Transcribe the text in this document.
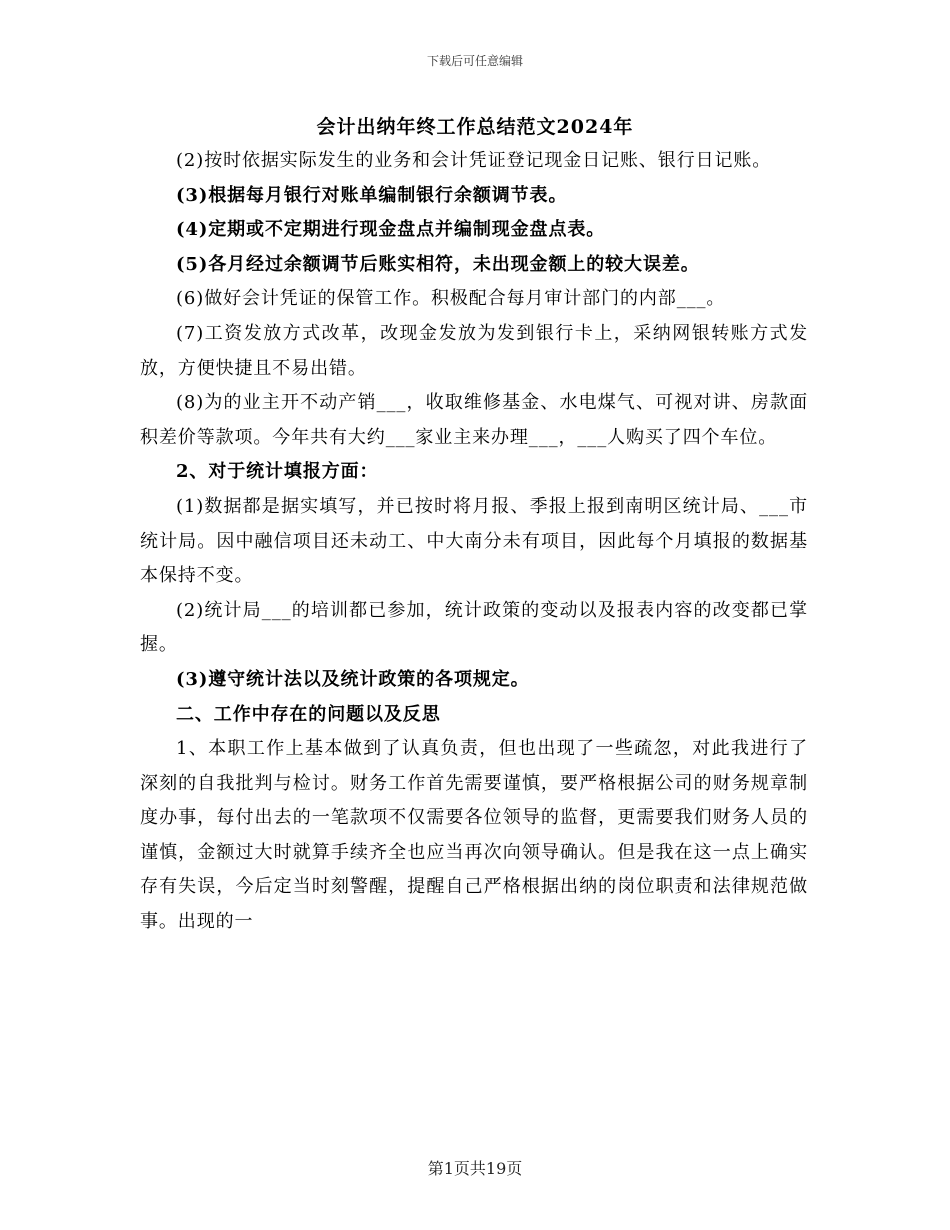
下载后可任意编辑
会计出纳年终工作总结范文2024年

(2)按时依据实际发生的业务和会计凭证登记现金日记账、银行日记账。

(3)根据每月银行对账单编制银行余额调节表。

(4)定期或不定期进行现金盘点并编制现金盘点表。

(5)各月经过余额调节后账实相符，未出现金额上的较大误差。

(6)做好会计凭证的保管工作。积极配合每月审计部门的内部___。

(7)工资发放方式改革，改现金发放为发到银行卡上，采纳网银转账方式发放，方便快捷且不易出错。

(8)为的业主开不动产销___，收取维修基金、水电煤气、可视对讲、房款面积差价等款项。今年共有大约___家业主来办理___，___人购买了四个车位。

2、对于统计填报方面：

(1)数据都是据实填写，并已按时将月报、季报上报到南明区统计局、___市统计局。因中融信项目还未动工、中大南分未有项目，因此每个月填报的数据基本保持不变。

(2)统计局___的培训都已参加，统计政策的变动以及报表内容的改变都已掌握。

(3)遵守统计法以及统计政策的各项规定。

二、工作中存在的问题以及反思

1、本职工作上基本做到了认真负责，但也出现了一些疏忽，对此我进行了深刻的自我批判与检讨。财务工作首先需要谨慎，要严格根据公司的财务规章制度办事，每付出去的一笔款项不仅需要各位领导的监督，更需要我们财务人员的谨慎，金额过大时就算手续齐全也应当再次向领导确认。但是我在这一点上确实存有失误，今后定当时刻警醒，提醒自己严格根据出纳的岗位职责和法律规范做事。出现的一

第1页共19页
